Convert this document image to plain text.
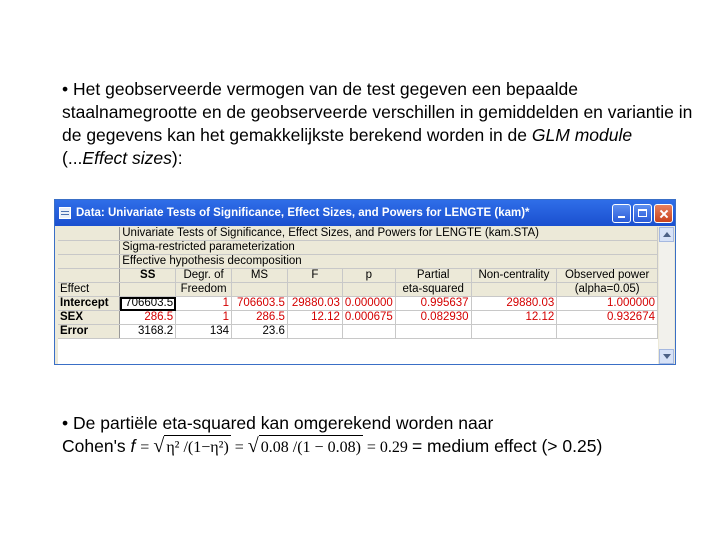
• Het geobserveerde vermogen van de test gegeven een bepaalde staalnamegrootte en de geobserveerde verschillen in gemiddelden en variantie in de gegevens kan het gemakkelijkste berekend worden in de GLM module
(...Effect sizes):
Data: Univariate Tests of Significance, Effect Sizes, and Powers for LENGTE (kam)*
	Univariate Tests of Significance, Effect Sizes, and Powers for LENGTE (kam.STA)							
	Sigma-restricted parameterization							
	Effective hypothesis decomposition							
	SS	Degr. of	MS	F	p	Partial	Non-centrality	Observed power
Effect		Freedom				eta-squared		(alpha=0.05)
Intercept	706603.5	1	706603.5	29880.03	0.000000	0.995637	29880.03	1.000000
SEX	286.5	1	286.5	12.12	0.000675	0.082930	12.12	0.932674
Error	3168.2	134	23.6					
• De partiële eta-squared kan omgerekend worden naar
Cohen's f = √ η² /(1−η²) = √ 0.08 /(1 − 0.08) = 0.29 = medium effect (> 0.25)
